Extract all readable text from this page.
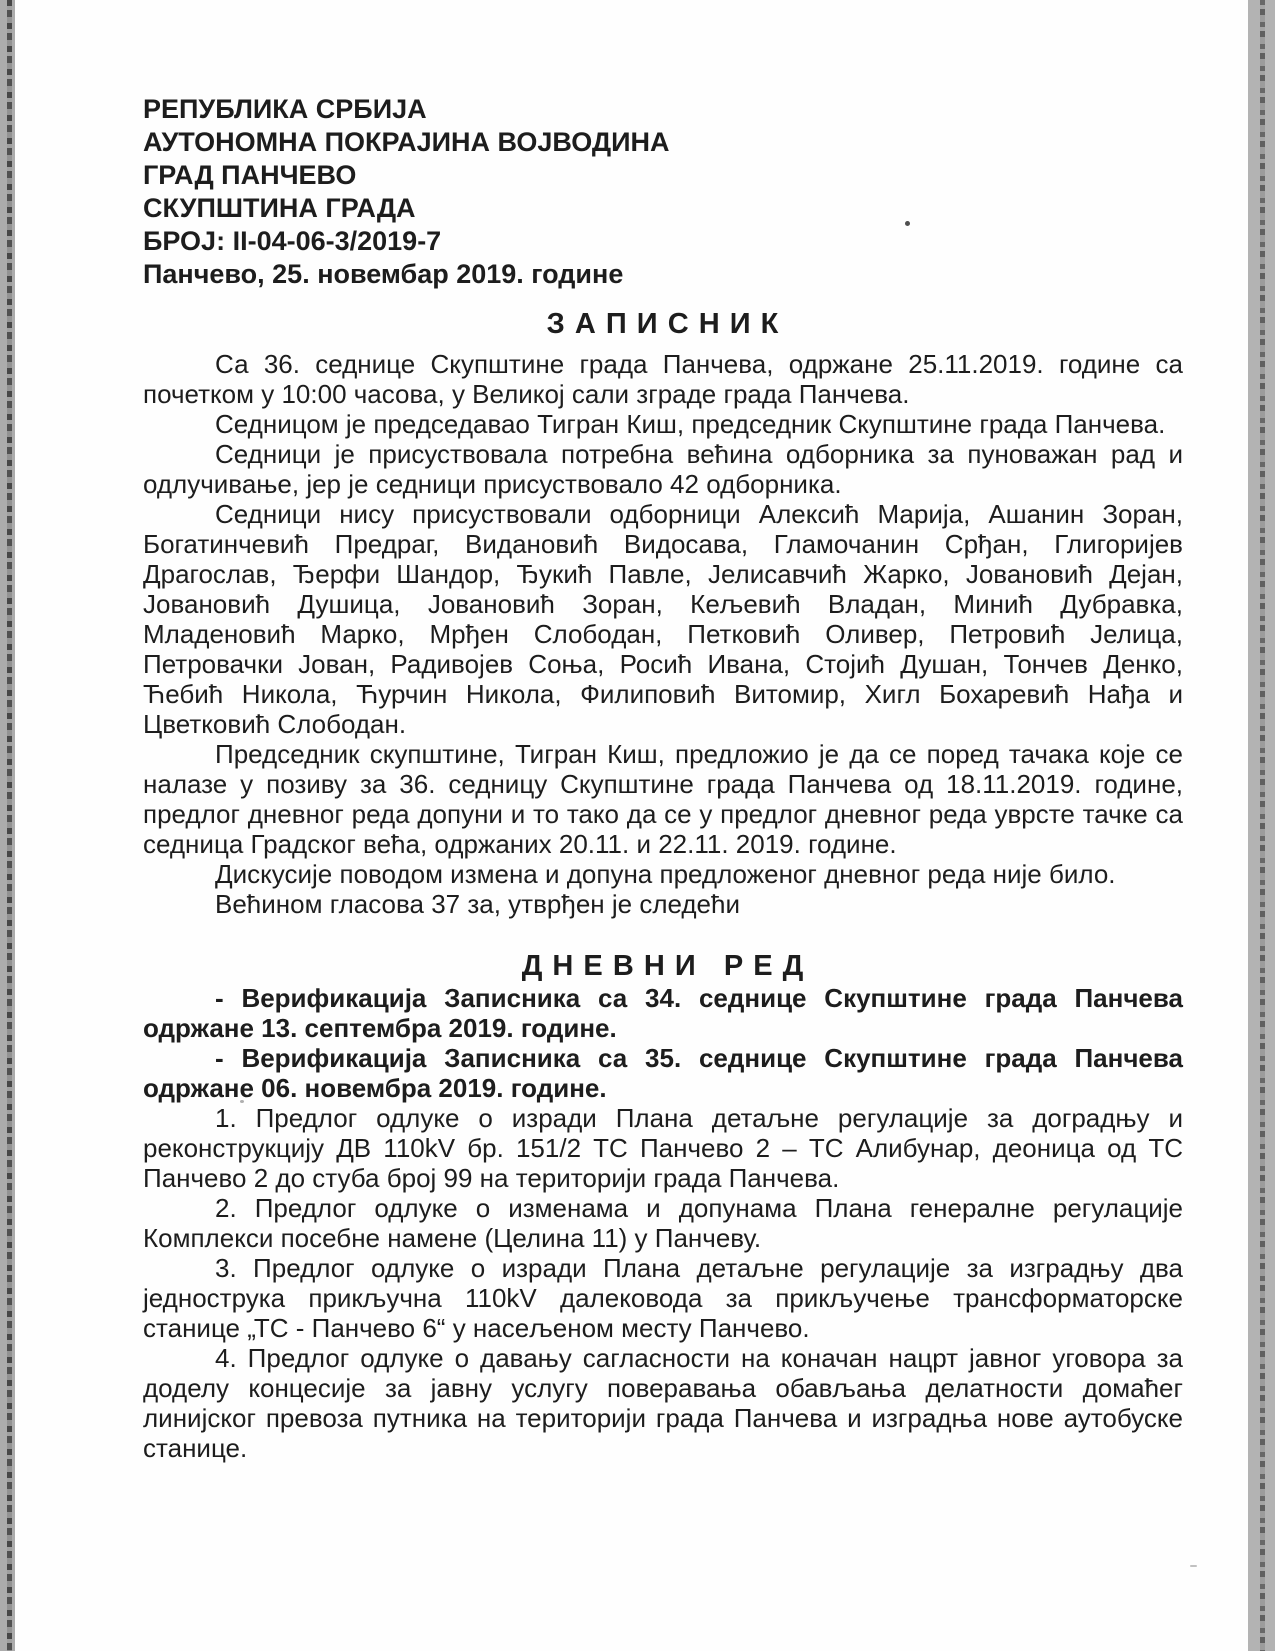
РЕПУБЛИКА СРБИЈА
АУТОНОМНА ПОКРАЈИНА ВОЈВОДИНА
ГРАД ПАНЧЕВО
СКУПШТИНА ГРАДА
БРОЈ: II-04-06-3/2019-7
Панчево, 25. новембар 2019. године
З А П И С Н И К

Са 36. седнице Скупштине града Панчева, одржане 25.11.2019. године са почетком у 10:00 часова, у Великој сали зграде града Панчева.

Седницом је председавао Тигран Киш, председник Скупштине града Панчева.

Седници је присуствовала потребна већина одборника за пуноважан рад и одлучивање, јер је седници присуствовало 42 одборника.

Седници нису присуствовали одборници Алексић Марија, Ашанин Зоран, Богатинчевић Предраг, Видановић Видосава, Гламочанин Срђан, Глигоријев Драгослав, Ђерфи Шандор, Ђукић Павле, Јелисавчић Жарко, Јовановић Дејан, Јовановић Душица, Јовановић Зоран, Кељевић Владан, Минић Дубравка, Младеновић Марко, Мрђен Слободан, Петковић Оливер, Петровић Јелица, Петровачки Јован, Радивојев Соња, Росић Ивана, Стојић Душан, Тончев Денко, Ћебић Никола, Ћурчин Никола, Филиповић Витомир, Хигл Бохаревић Нађа и Цветковић Слободан.

Председник скупштине, Тигран Киш, предложио је да се поред тачака које се налазе у позиву за 36. седницу Скупштине града Панчева од 18.11.2019. године, предлог дневног реда допуни и то тако да се у предлог дневног реда уврсте тачке са седница Градског већа, одржаних 20.11. и 22.11. 2019. године.

Дискусије поводом измена и допуна предложеног дневног реда није било.

Већином гласова 37 за, утврђен је следећи

Д Н Е В Н И   Р Е Д

- Верификација Записника са 34. седнице Скупштине града Панчева одржане 13. септембра 2019. године.

- Верификација Записника са 35. седнице Скупштине града Панчева одржане 06. новембра 2019. године.

1. Предлог одлуке о изради Плана детаљне регулације за доградњу и реконструкцију ДВ 110kV бр. 151/2 ТС Панчево 2 – ТС Алибунар, деоница од ТС Панчево 2 до стуба број 99 на територији града Панчева.

2. Предлог одлуке о изменама и допунама Плана генералне регулације Комплекси посебне намене (Целина 11) у Панчеву.

3. Предлог одлуке о изради Плана детаљне регулације за изградњу два једнострука прикључна 110kV далековода за прикључење трансформаторске станице „ТС - Панчево 6“ у насељеном месту Панчево.

4. Предлог одлуке о давању сагласности на коначан нацрт јавног уговора за доделу концесије за јавну услугу поверавања обављања делатности домаћег линијског превоза путника на територији града Панчева и изградња нове аутобуске станице.
